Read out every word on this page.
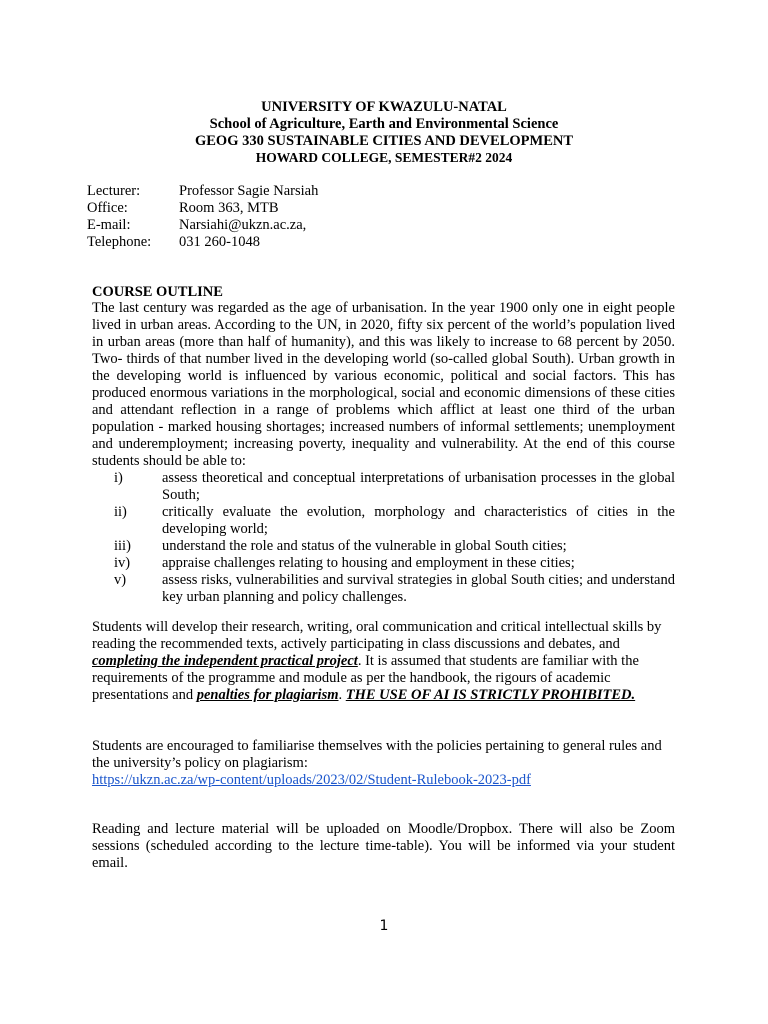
UNIVERSITY OF KWAZULU-NATAL
School of Agriculture, Earth and Environmental Science
GEOG 330 SUSTAINABLE CITIES AND DEVELOPMENT
HOWARD COLLEGE, SEMESTER#2 2024
Lecturer:	Professor Sagie Narsiah
Office:	Room 363, MTB
E-mail:	Narsiahi@ukzn.ac.za,
Telephone:	031 260-1048
COURSE OUTLINE
The last century was regarded as the age of urbanisation. In the year 1900 only one in eight people lived in urban areas. According to the UN, in 2020, fifty six percent of the world’s population lived in urban areas (more than half of humanity), and this was likely to increase to 68 percent by 2050. Two- thirds of that number lived in the developing world (so-called global South). Urban growth in the developing world is influenced by various economic, political and social factors. This has produced enormous variations in the morphological, social and economic dimensions of these cities and attendant reflection in a range of problems which afflict at least one third of the urban population - marked housing shortages; increased numbers of informal settlements; unemployment and underemployment; increasing poverty, inequality and vulnerability. At the end of this course students should be able to:
i)	assess theoretical and conceptual interpretations of urbanisation processes in the global South;
ii)	critically evaluate the evolution, morphology and characteristics of cities in the developing world;
iii)	understand the role and status of the vulnerable in global South cities;
iv)	appraise challenges relating to housing and employment in these cities;
v)	assess risks, vulnerabilities and survival strategies in global South cities; and understand key urban planning and policy challenges.
Students will develop their research, writing, oral communication and critical intellectual skills by reading the recommended texts, actively participating in class discussions and debates, and completing the independent practical project. It is assumed that students are familiar with the requirements of the programme and module as per the handbook, the rigours of academic presentations and penalties for plagiarism. THE USE OF AI IS STRICTLY PROHIBITED.
Students are encouraged to familiarise themselves with the policies pertaining to general rules and the university’s policy on plagiarism:
https://ukzn.ac.za/wp-content/uploads/2023/02/Student-Rulebook-2023-pdf
Reading and lecture material will be uploaded on Moodle/Dropbox. There will also be Zoom sessions (scheduled according to the lecture time-table). You will be informed via your student email.
1
